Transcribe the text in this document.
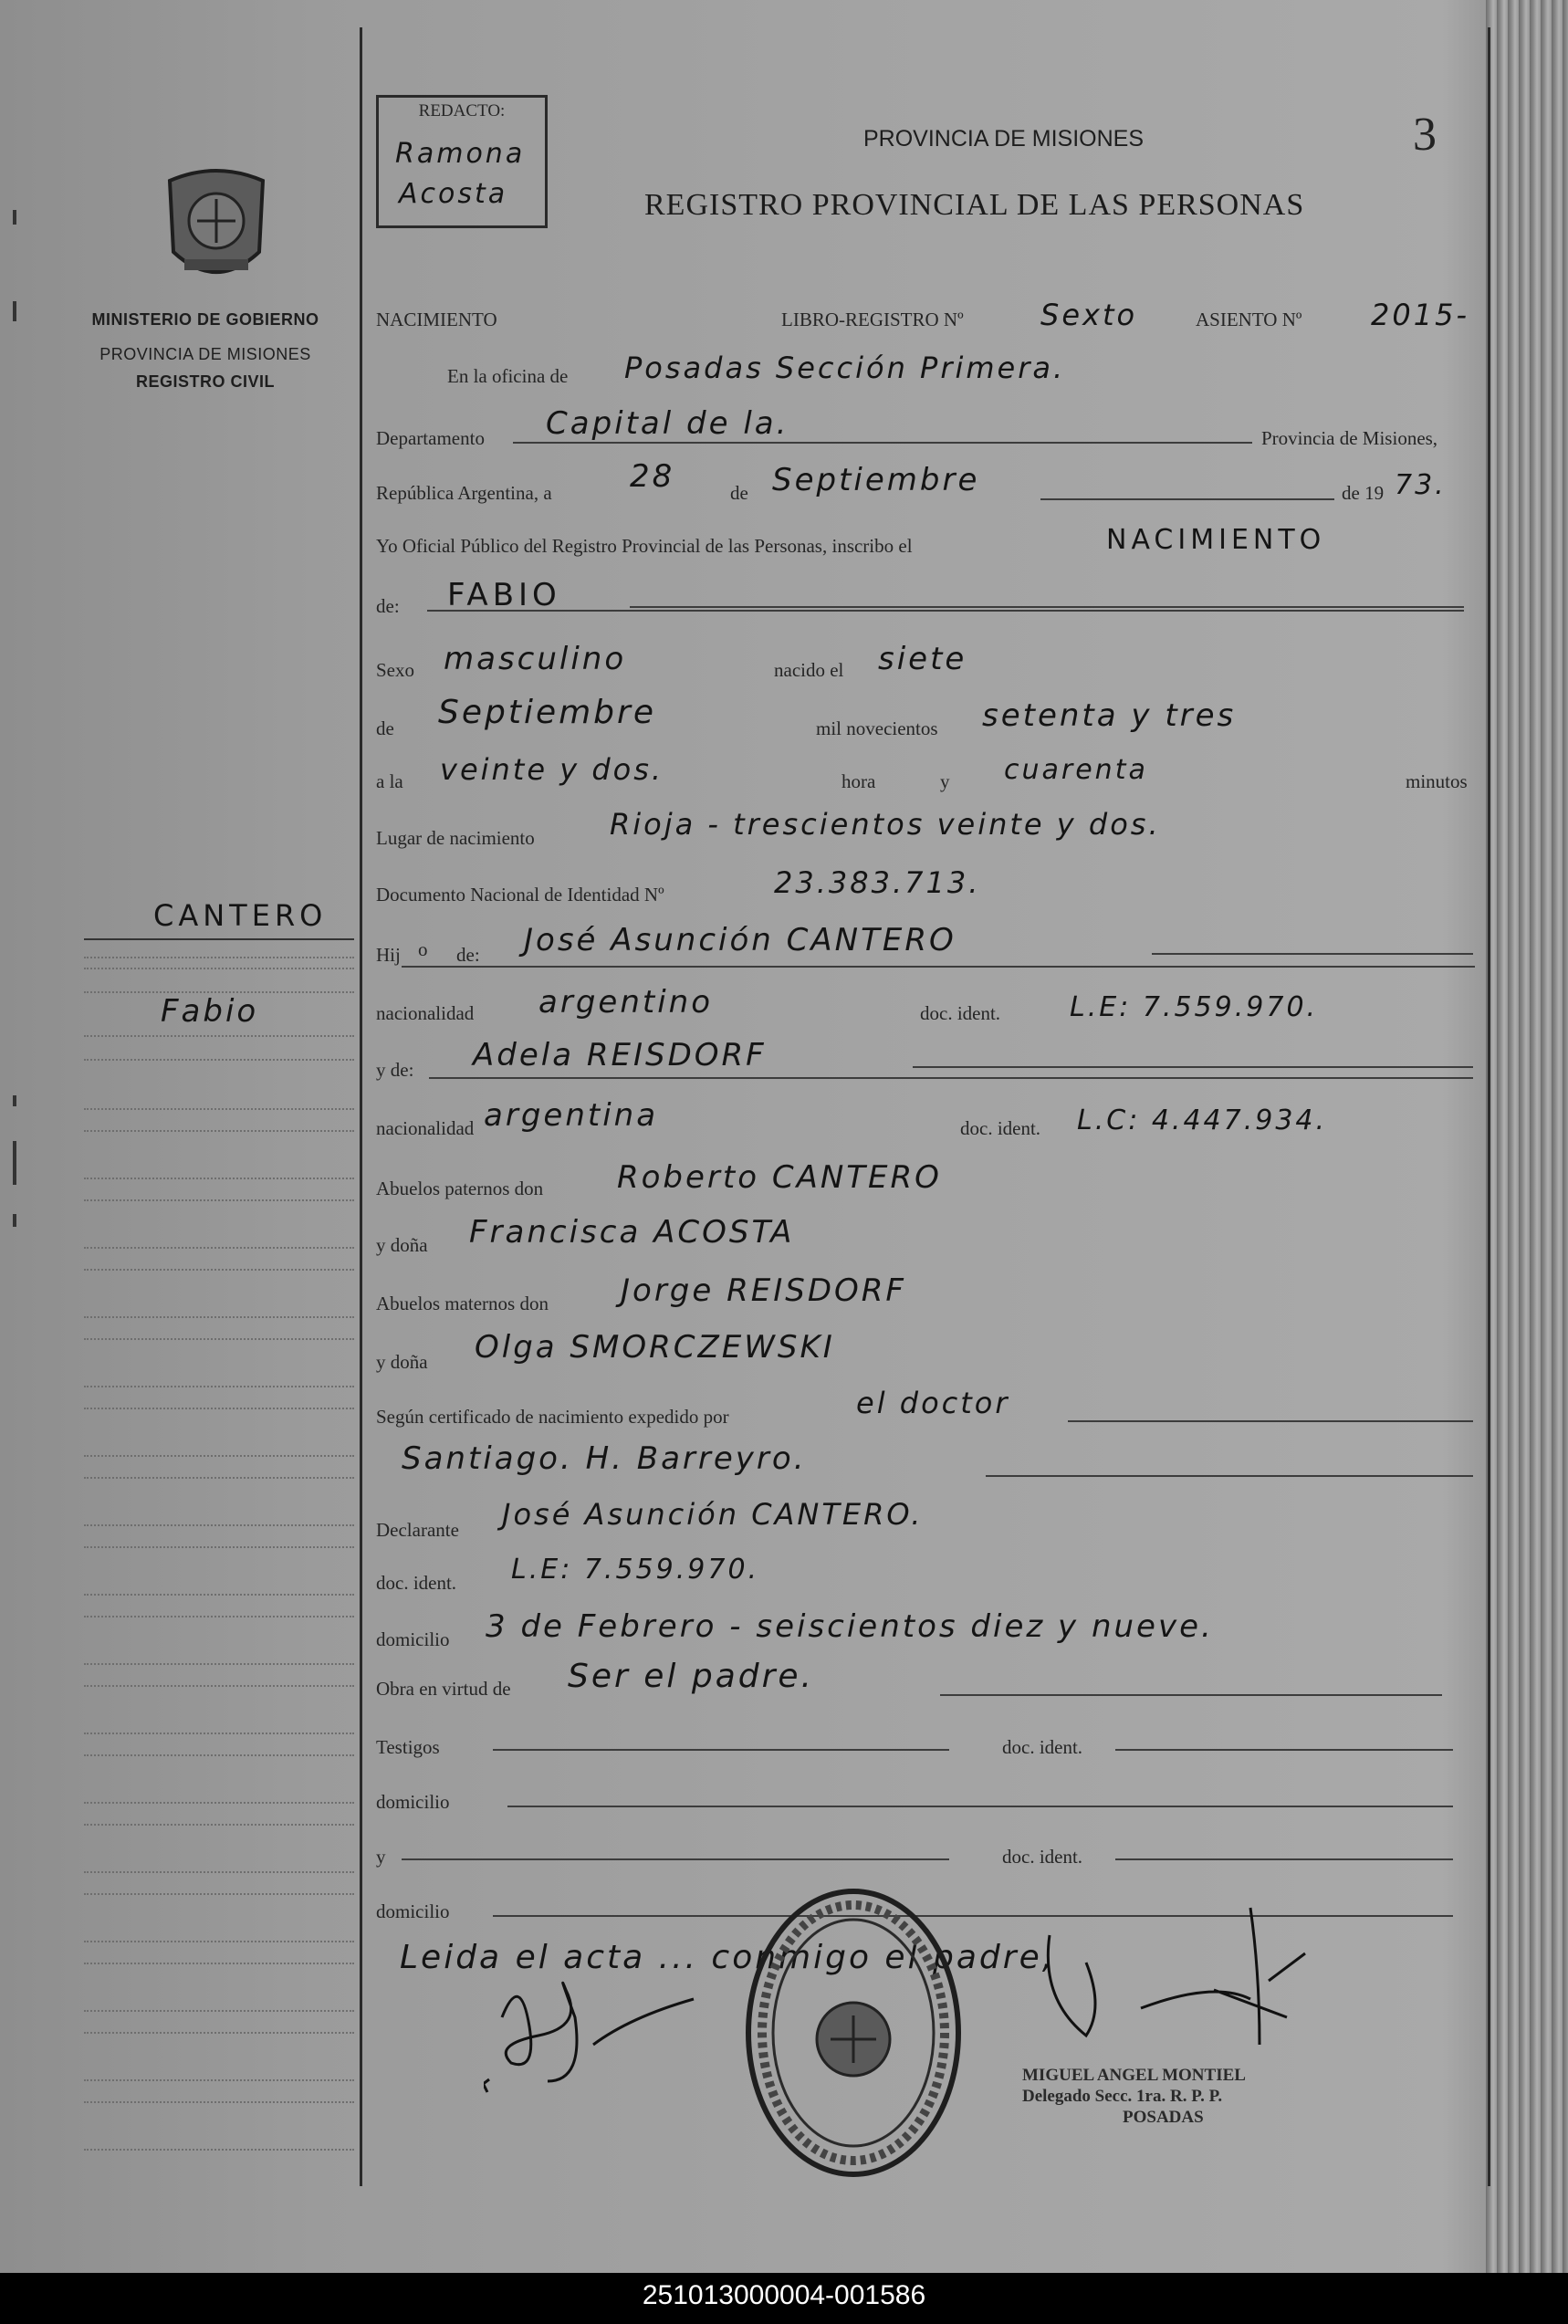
MINISTERIO DE GOBIERNO
PROVINCIA DE MISIONES
REGISTRO CIVIL
REDACTO:
Ramona
Acosta
3
PROVINCIA DE MISIONES
REGISTRO PROVINCIAL DE LAS PERSONAS
CANTERO
Fabio
NACIMIENTO	LIBRO-REGISTRO Nº	Sexto	ASIENTO Nº 2015-
En la oficina de Posadas Sección Primera.
Departamento Capital de la.	Provincia de Misiones,
República Argentina, a	28	de Septiembre	de 19 73.
Yo Oficial Público del Registro Provincial de las Personas, inscribo el	NACIMIENTO
de: FABIO
Sexo masculino	nacido el siete
de Septiembre	mil novecientos setenta y tres
a la veinte y dos.	hora	y cuarenta	minutos
Lugar de nacimiento	Rioja - trescientos veinte y dos.
Documento Nacional de Identidad Nº	23.383.713.
Hij o de: José Asunción CANTERO
nacionalidad argentino	doc. ident.	L.E: 7.559.970.
y de: Adela REISDORF
nacionalidad argentina	doc. ident. L.C: 4.447.934.
Abuelos paternos don Roberto CANTERO
y doña Francisca ACOSTA
Abuelos maternos don Jorge REISDORF
y doña Olga SMORCZEWSKI
Según certificado de nacimiento expedido por	el doctor
Santiago. H. Barreyro.
Declarante José Asunción CANTERO.
doc. ident. L.E: 7.559.970.
domicilio 3 de Febrero - seiscientos diez y nueve.
Obra en virtud de Ser el padre.
Testigos	doc. ident.
domicilio
y	doc. ident.
domicilio
Leida el acta ... conmigo el padre,
MIGUEL ANGEL MONTIEL
Delegado Secc. 1ra. R. P. P.
POSADAS
251013000004-001586
